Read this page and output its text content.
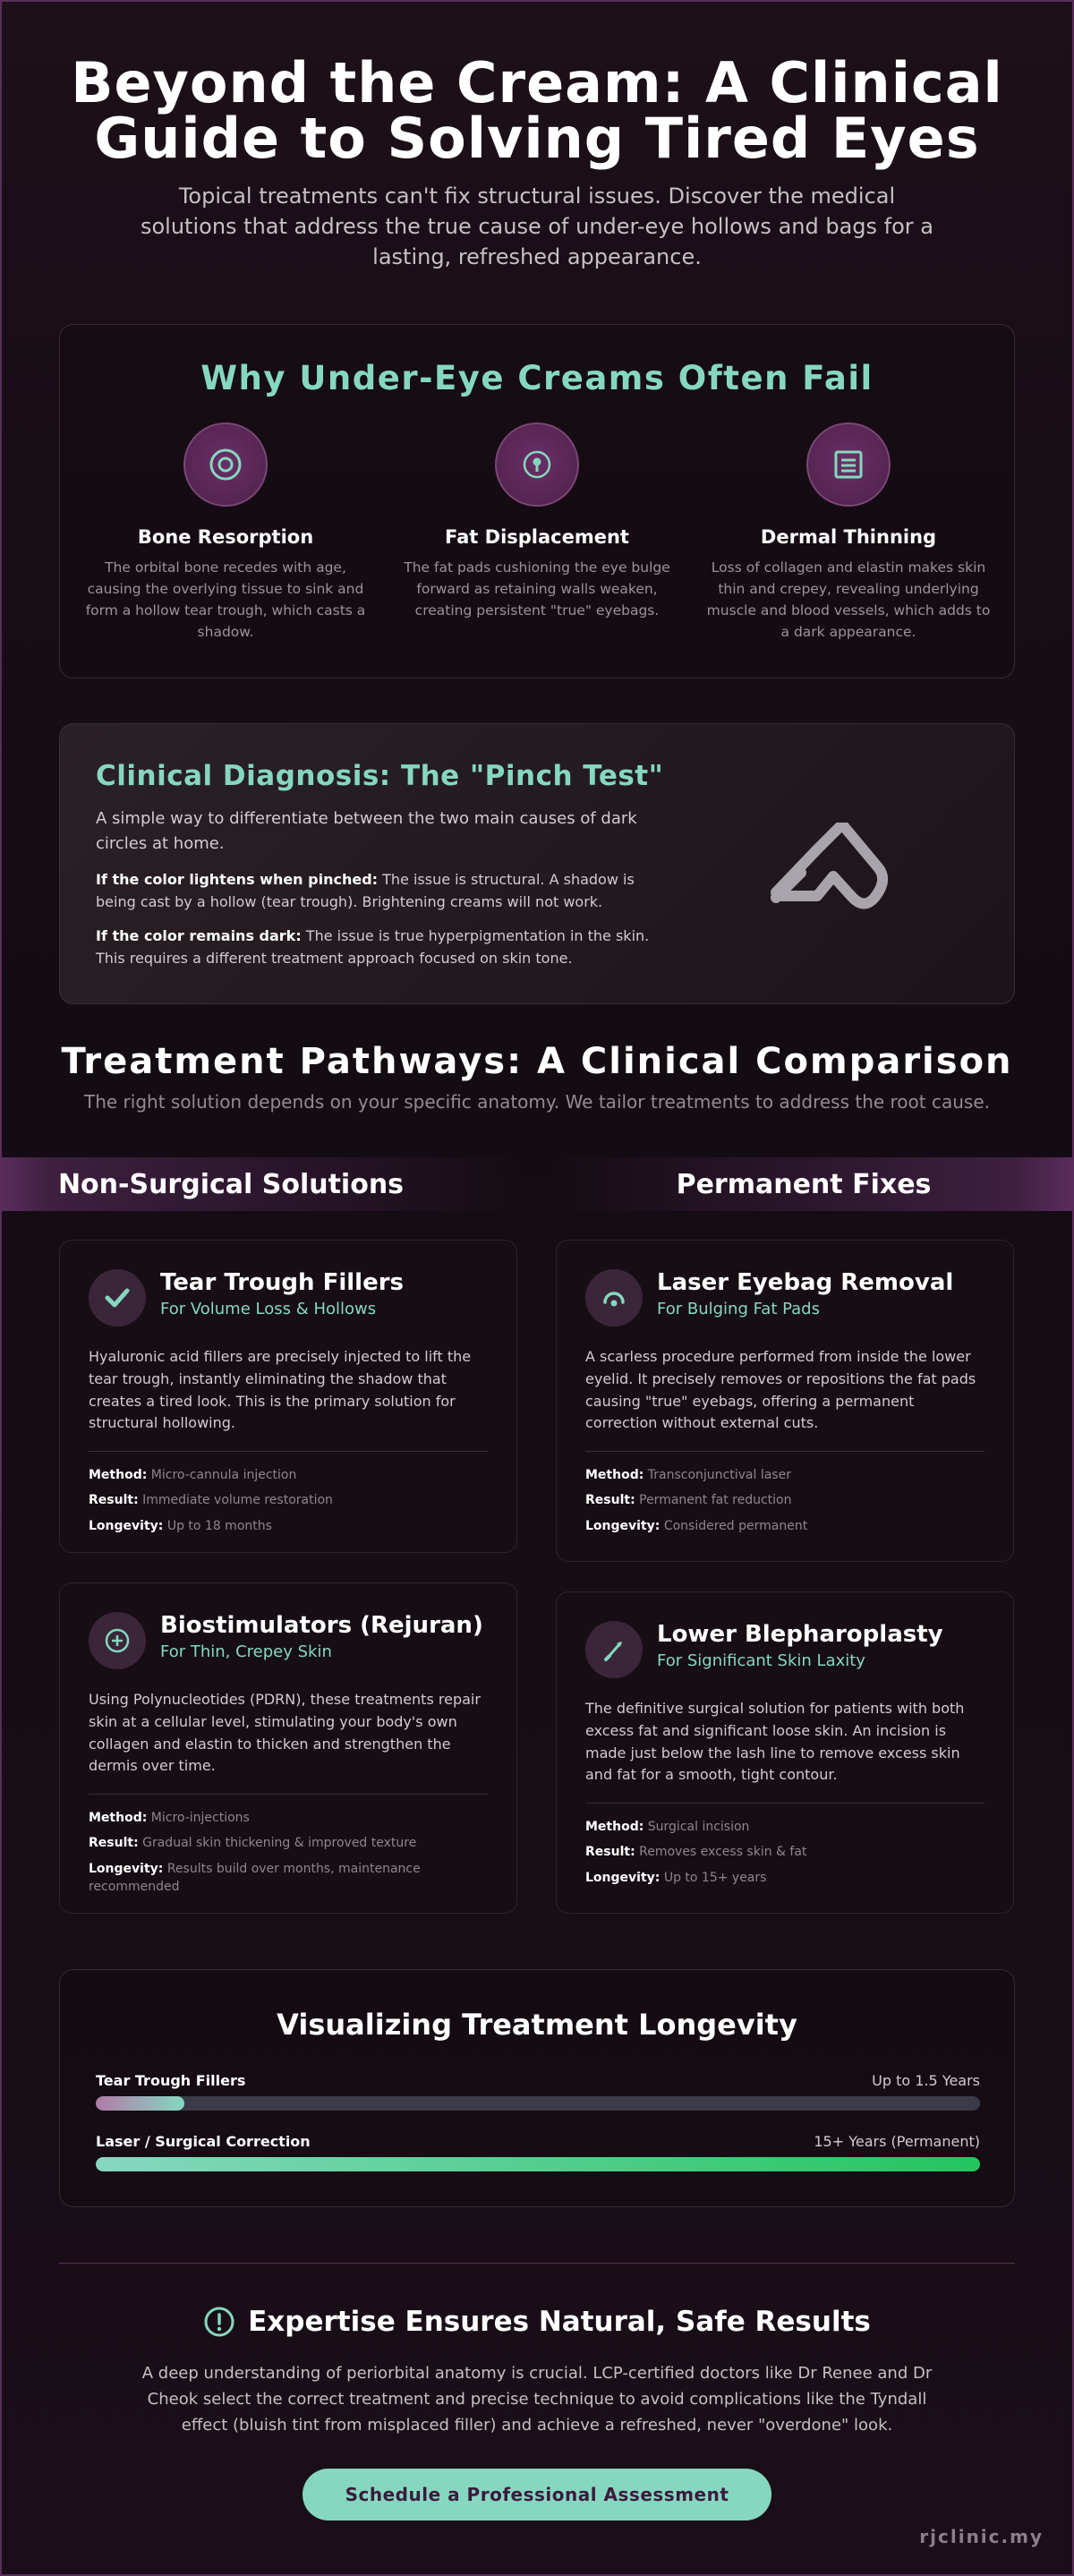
Beyond the Cream: A Clinical Guide to Solving Tired Eyes

Topical treatments can't fix structural issues. Discover the medical solutions that address the true cause of under-eye hollows and bags for a lasting, refreshed appearance.

Why Under-Eye Creams Often Fail
Bone Resorption

The orbital bone recedes with age, causing the overlying tissue to sink and form a hollow tear trough, which casts a shadow.

Fat Displacement

The fat pads cushioning the eye bulge forward as retaining walls weaken, creating persistent "true" eyebags.

Dermal Thinning

Loss of collagen and elastin makes skin thin and crepey, revealing underlying muscle and blood vessels, which adds to a dark appearance.

Clinical Diagnosis: The "Pinch Test"

A simple way to differentiate between the two main causes of dark circles at home.

If the color lightens when pinched: The issue is structural. A shadow is being cast by a hollow (tear trough). Brightening creams will not work.

If the color remains dark: The issue is true hyperpigmentation in the skin. This requires a different treatment approach focused on skin tone.

Treatment Pathways: A Clinical Comparison

The right solution depends on your specific anatomy. We tailor treatments to address the root cause.

Non-Surgical Solutions	Permanent Fixes
Tear Trough Fillers
For Volume Loss & Hollows

Hyaluronic acid fillers are precisely injected to lift the tear trough, instantly eliminating the shadow that creates a tired look. This is the primary solution for structural hollowing.

Method: Micro-cannula injection
Result: Immediate volume restoration
Longevity: Up to 18 months
Laser Eyebag Removal
For Bulging Fat Pads

A scarless procedure performed from inside the lower eyelid. It precisely removes or repositions the fat pads causing "true" eyebags, offering a permanent correction without external cuts.

Method: Transconjunctival laser
Result: Permanent fat reduction
Longevity: Considered permanent
Biostimulators (Rejuran)
For Thin, Crepey Skin

Using Polynucleotides (PDRN), these treatments repair skin at a cellular level, stimulating your body's own collagen and elastin to thicken and strengthen the dermis over time.

Method: Micro-injections
Result: Gradual skin thickening & improved texture
Longevity: Results build over months, maintenance recommended
Lower Blepharoplasty
For Significant Skin Laxity

The definitive surgical solution for patients with both excess fat and significant loose skin. An incision is made just below the lash line to remove excess skin and fat for a smooth, tight contour.

Method: Surgical incision
Result: Removes excess skin & fat
Longevity: Up to 15+ years
Visualizing Treatment Longevity
Tear Trough Fillers	Up to 1.5 Years
Laser / Surgical Correction	15+ Years (Permanent)
Expertise Ensures Natural, Safe Results

A deep understanding of periorbital anatomy is crucial. LCP-certified doctors like Dr Renee and Dr Cheok select the correct treatment and precise technique to avoid complications like the Tyndall effect (bluish tint from misplaced filler) and achieve a refreshed, never "overdone" look.

Schedule a Professional Assessment
rjclinic.my
